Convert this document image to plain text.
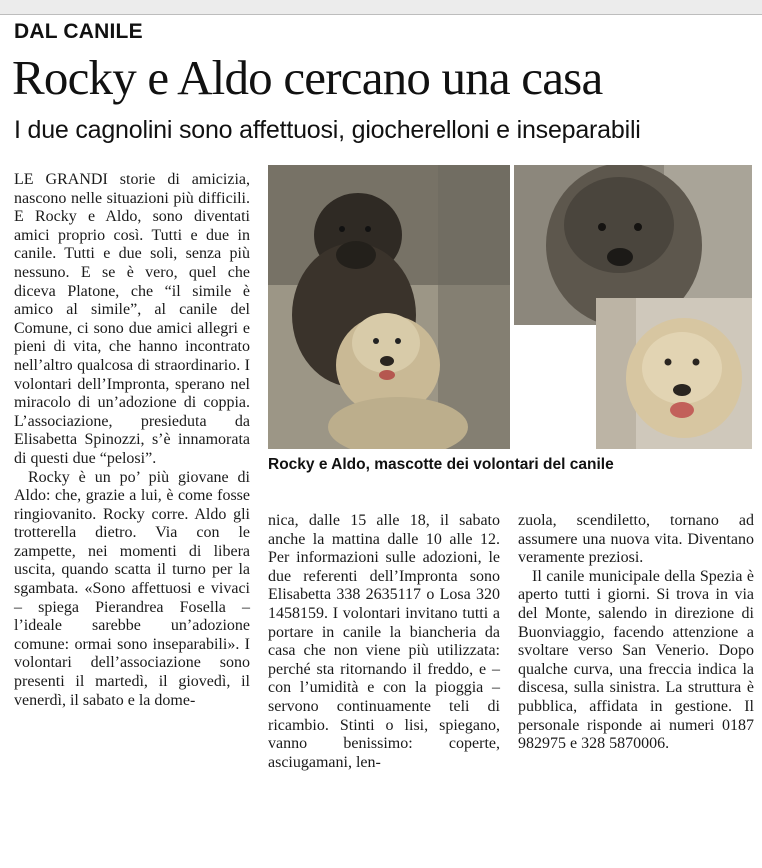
DAL CANILE
Rocky e Aldo cercano una casa
I due cagnolini sono affettuosi, giocherelloni e inseparabili

LE GRANDI storie di amicizia, nascono nelle situazioni più difficili. E Rocky e Aldo, sono diventati amici proprio così. Tutti e due in canile. Tutti e due soli, senza più nessuno. E se è vero, quel che diceva Platone, che “il simile è amico al simile”, al canile del Comune, ci sono due amici allegri e pieni di vita, che hanno incontrato nell’altro qualcosa di straordinario. I volontari dell’Impronta, sperano nel miracolo di un’adozione di coppia. L’associazione, presieduta da Elisabetta Spinozzi, s’è innamorata di questi due “pelosi”.

Rocky è un po’ più giovane di Aldo: che, grazie a lui, è come fosse ringiovanito. Rocky corre. Aldo gli trotterella dietro. Via con le zampette, nei momenti di libera uscita, quando scatta il turno per la sgambata. «Sono affettuosi e vivaci – spiega Pierandrea Fosella – l’ideale sarebbe un’adozione comune: ormai sono inseparabili». I volontari dell’associazione sono presenti il martedì, il giovedì, il venerdì, il sabato e la dome-

Rocky e Aldo, mascotte dei volontari del canile

nica, dalle 15 alle 18, il sabato anche la mattina dalle 10 alle 12. Per informazioni sulle adozioni, le due referenti dell’Impronta sono Elisabetta 338 2635117 o Losa 320 1458159. I volontari invitano tutti a portare in canile la biancheria da casa che non viene più utilizzata: perché sta ritornando il freddo, e – con l’umidità e con la pioggia – servono continuamente teli di ricambio. Stinti o lisi, spiegano, vanno benissimo: coperte, asciugamani, len-

zuola, scendiletto, tornano ad assumere una nuova vita. Diventano veramente preziosi.

Il canile municipale della Spezia è aperto tutti i giorni. Si trova in via del Monte, salendo in direzione di Buonviaggio, facendo attenzione a svoltare verso San Venerio. Dopo qualche curva, una freccia indica la discesa, sulla sinistra. La struttura è pubblica, affidata in gestione. Il personale risponde ai numeri 0187 982975 e 328 5870006.
